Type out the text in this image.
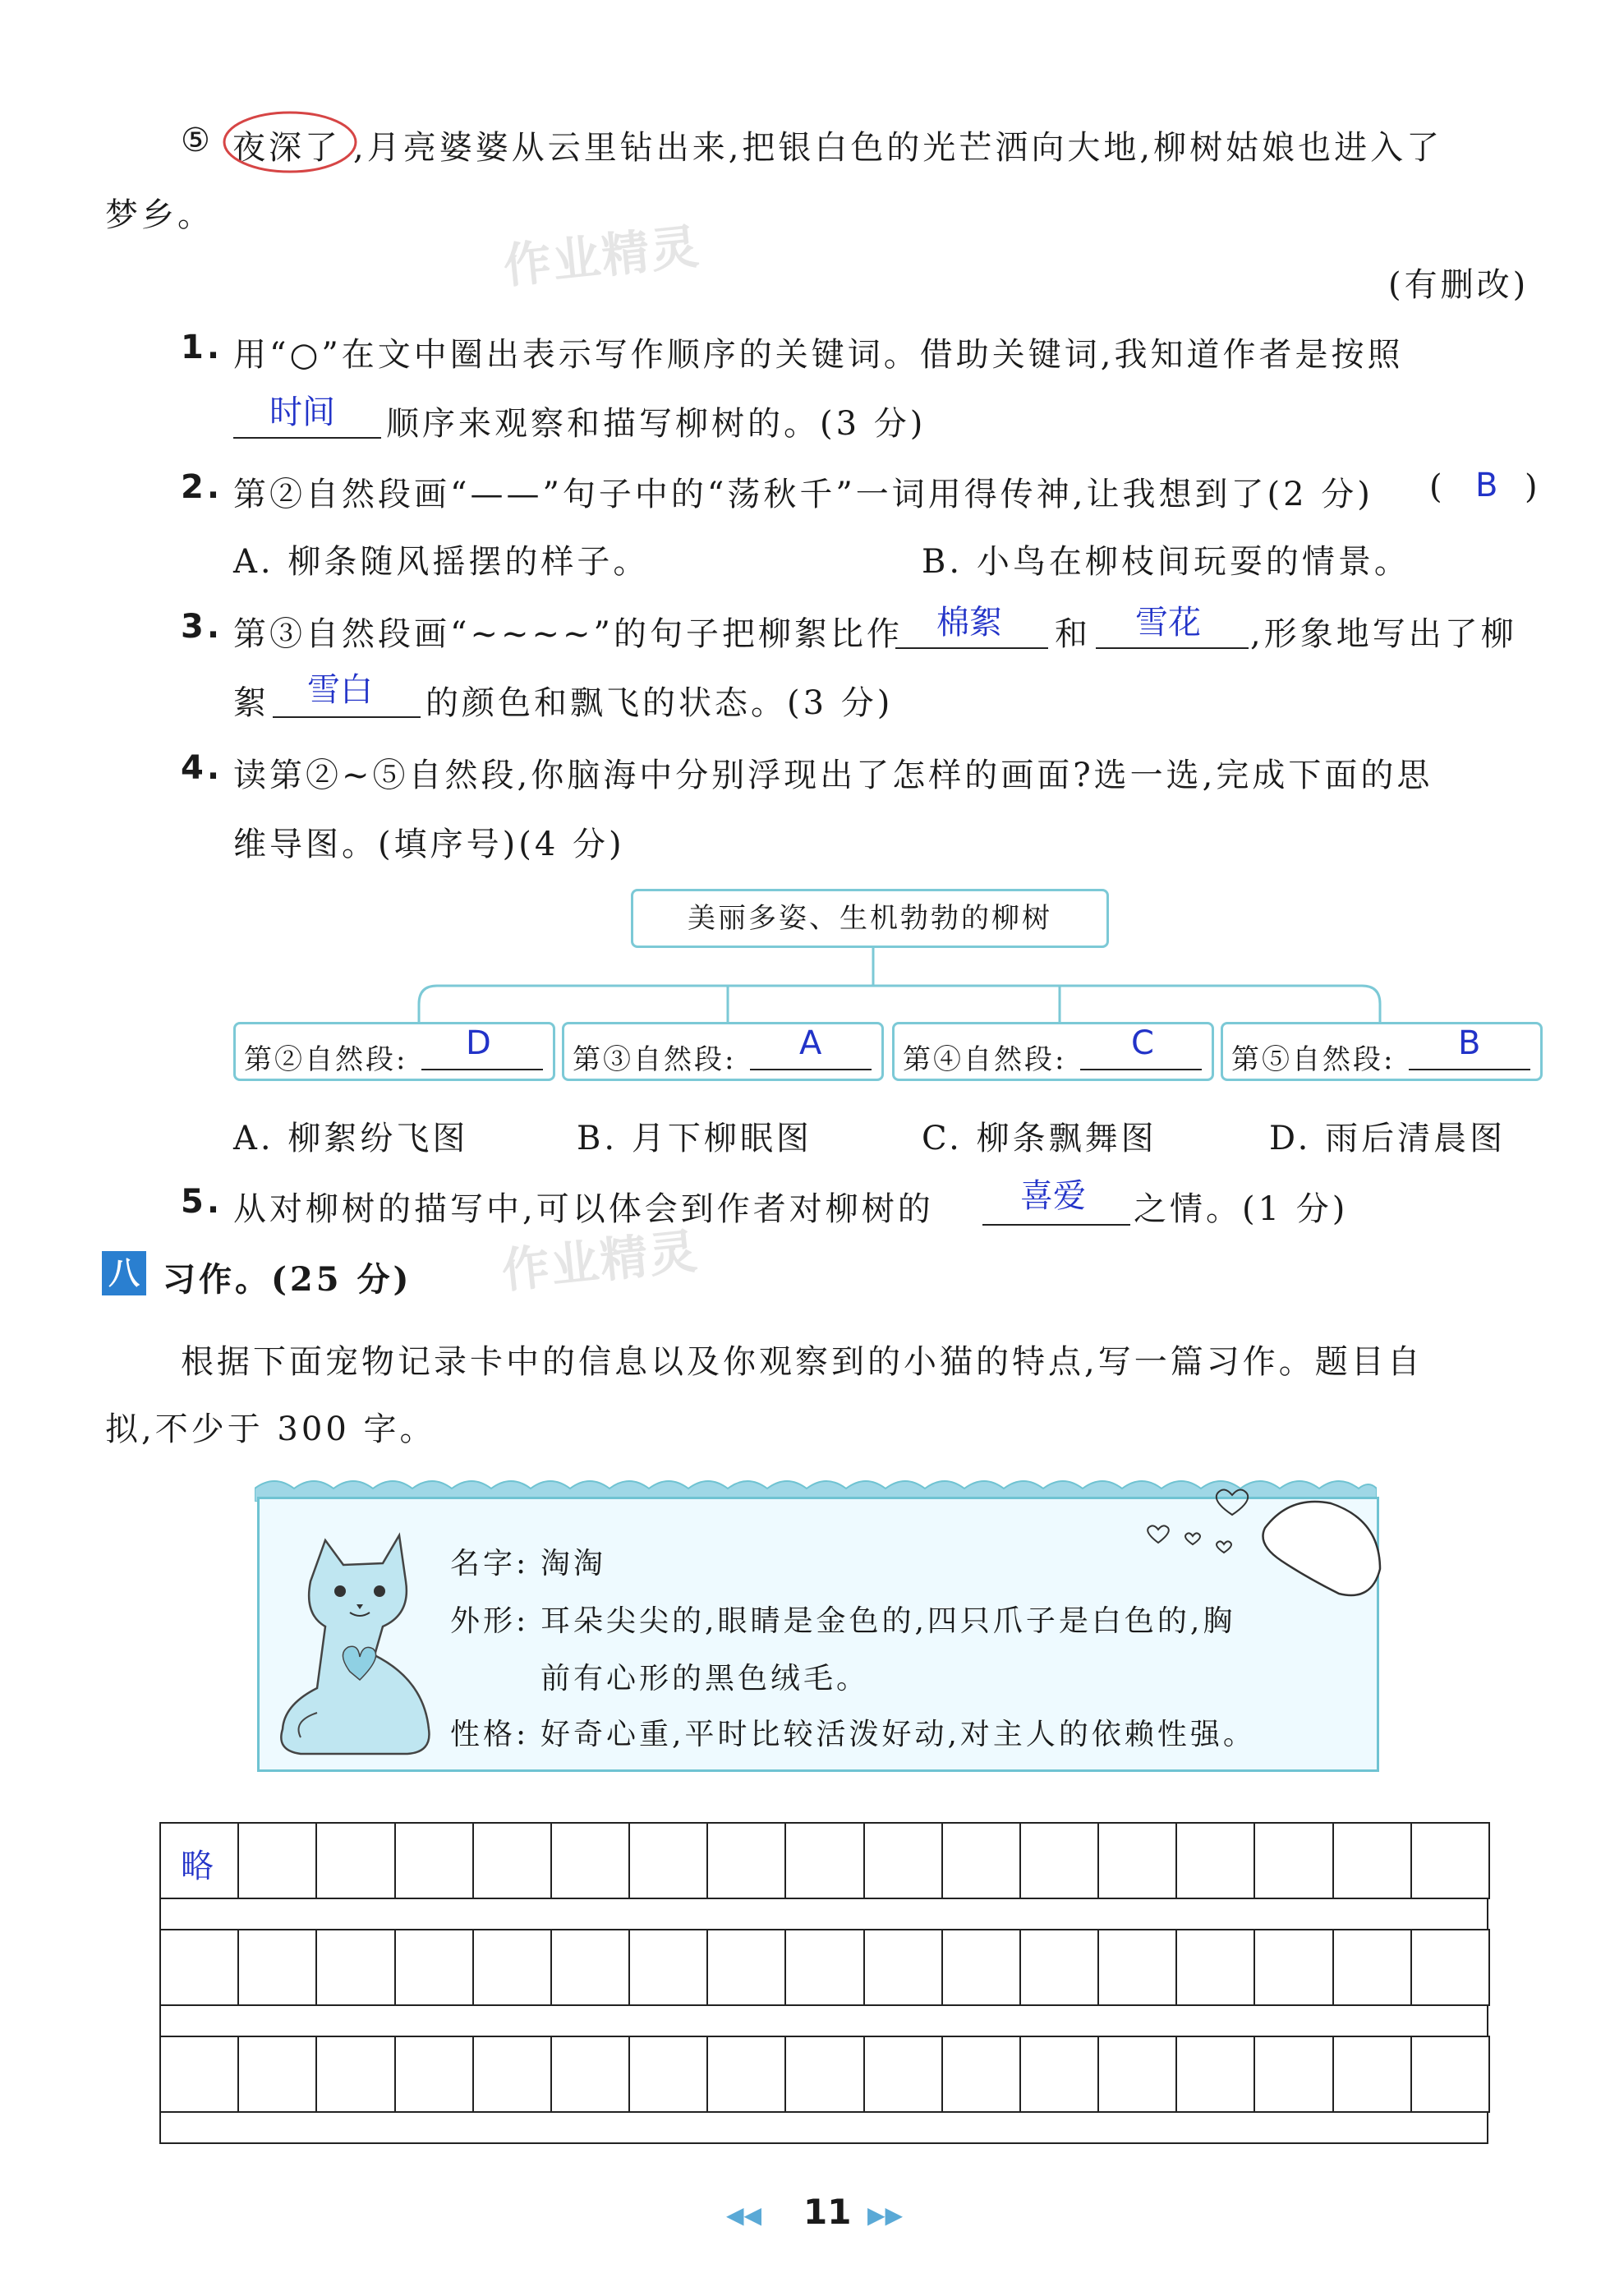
⑤ 夜深了 ,月亮婆婆从云里钻出来,把银白色的光芒洒向大地,柳树姑娘也进入了
梦乡。
作业精灵	(有删改)
1. 用“○”在文中圈出表示写作顺序的关键词。借助关键词,我知道作者是按照
时间 顺序来观察和描写柳树的。(3 分)
2. 第②自然段画“——”句子中的“荡秋千”一词用得传神,让我想到了(2 分) ( B )
A. 柳条随风摇摆的样子。	B. 小鸟在柳枝间玩耍的情景。
3. 第③自然段画“~~~~”的句子把柳絮比作 棉絮 和 雪花 ,形象地写出了柳
絮 雪白 的颜色和飘飞的状态。(3 分)
4. 读第②~⑤自然段,你脑海中分别浮现出了怎样的画面?选一选,完成下面的思
维导图。(填序号)(4 分)
美丽多姿、生机勃勃的柳树
第②自然段: D	第③自然段: A	第④自然段: C	第⑤自然段: B
A. 柳絮纷飞图	B. 月下柳眠图	C. 柳条飘舞图	D. 雨后清晨图
5. 从对柳树的描写中,可以体会到作者对柳树的	喜爱 之情。(1 分)
作业精灵
八 习作。(25 分)
根据下面宠物记录卡中的信息以及你观察到的小猫的特点,写一篇习作。题目自
拟,不少于 300 字。
名字: 淘淘
外形: 耳朵尖尖的,眼睛是金色的,四只爪子是白色的,胸
前有心形的黑色绒毛。
性格: 好奇心重,平时比较活泼好动,对主人的依赖性强。
略
◀◀ 11 ▶▶
